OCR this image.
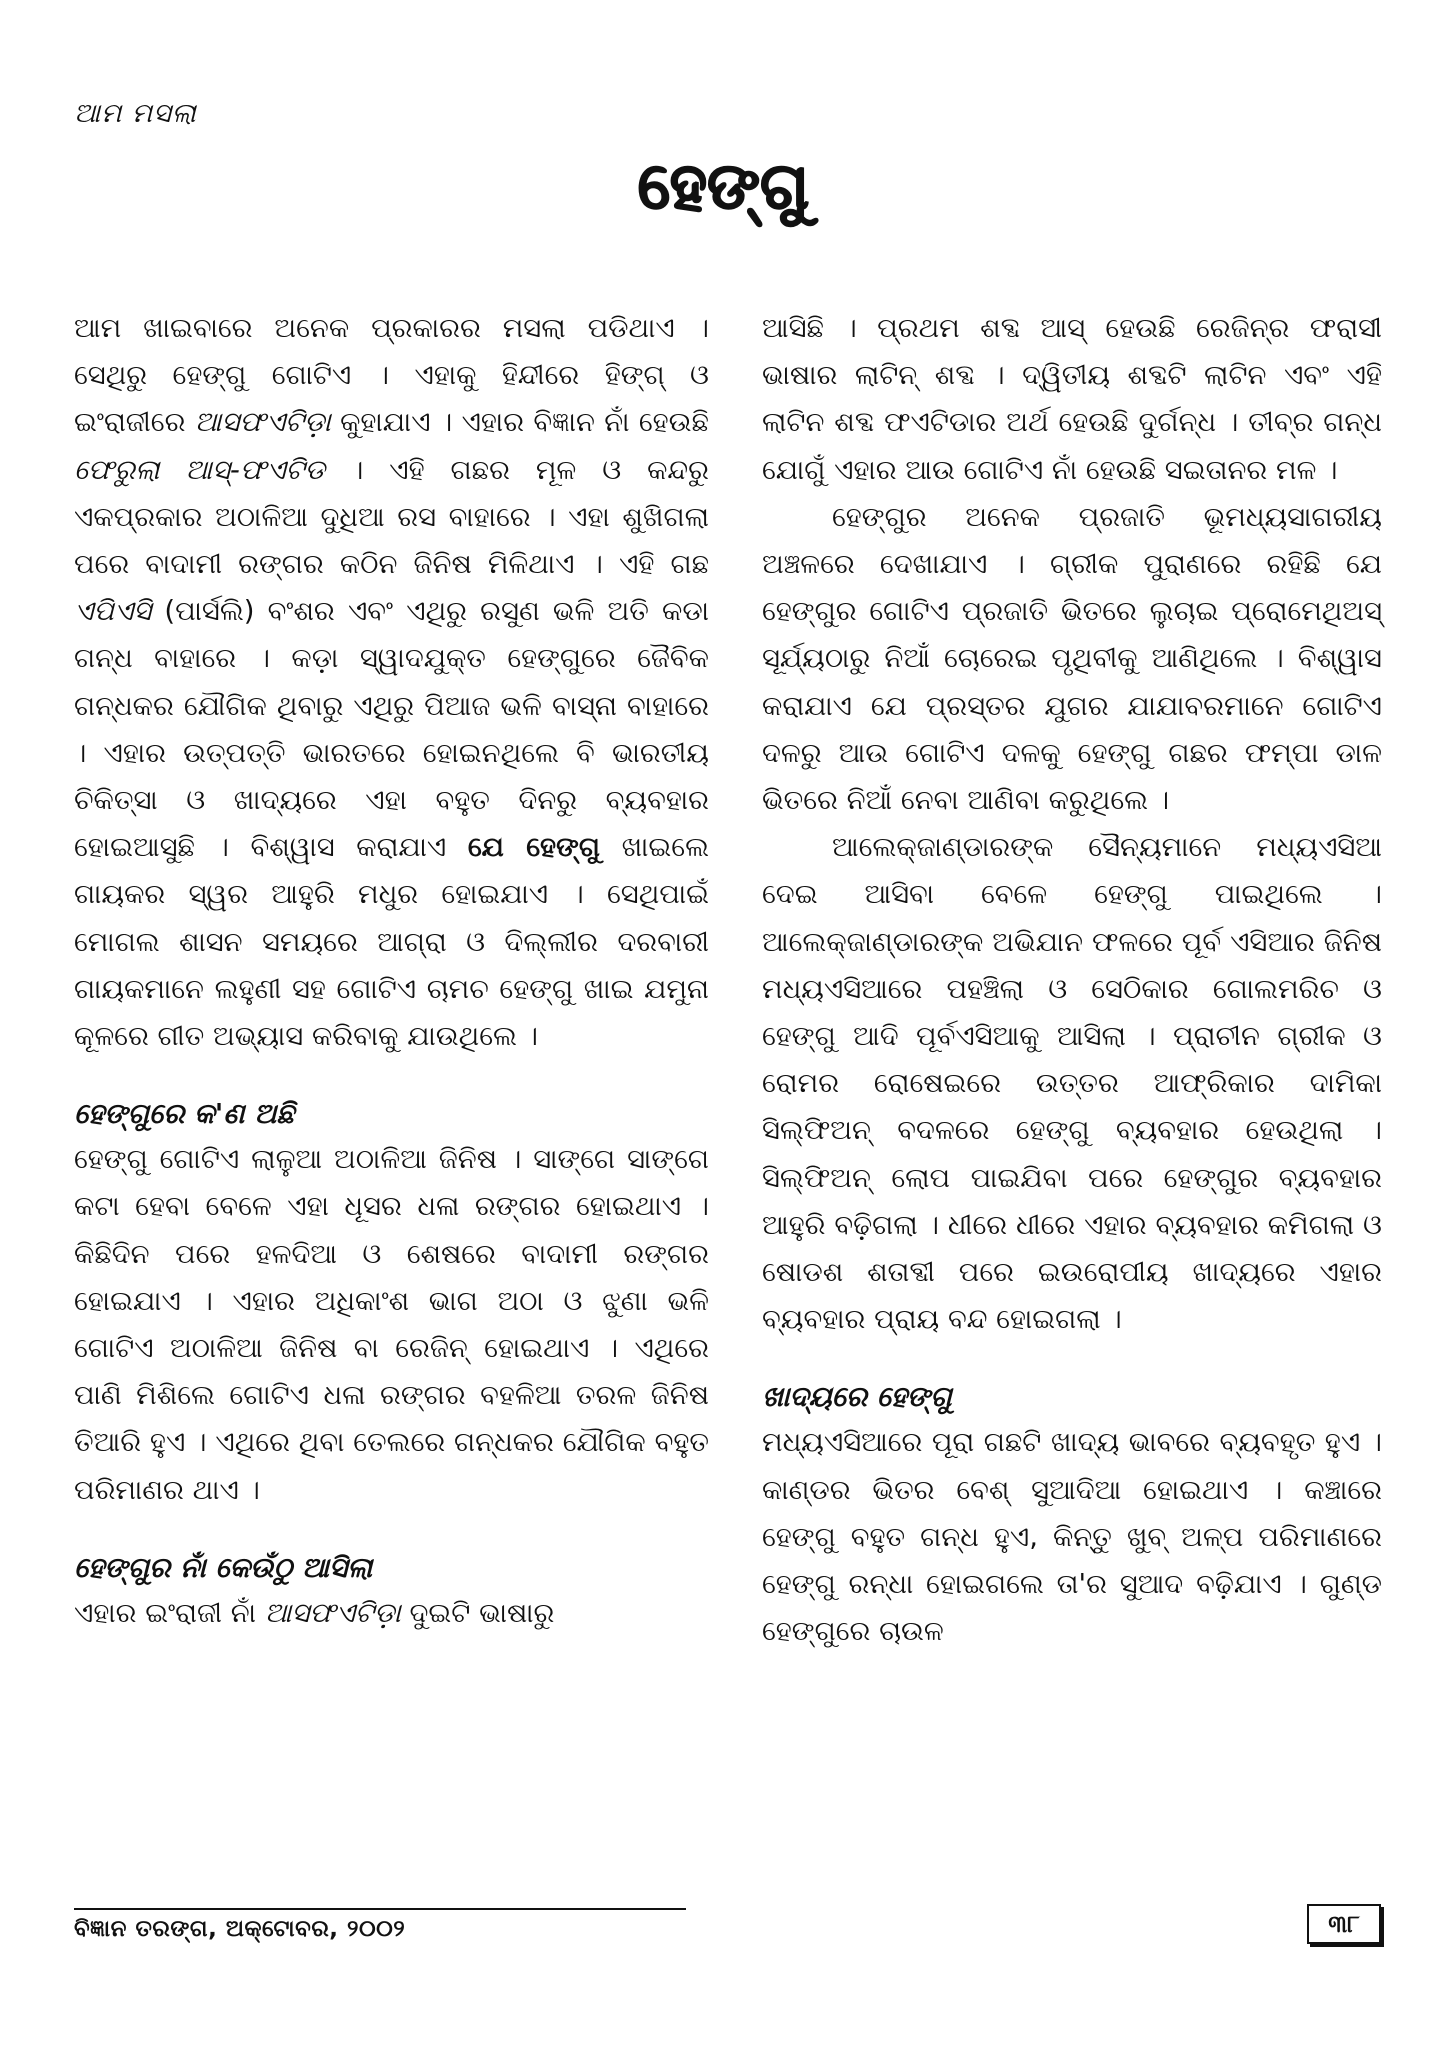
ଆମ ମସଲା
ହେଙ୍ଗୁ

ଆମ ଖାଇବାରେ ଅନେକ ପ୍ରକାରର ମସଲା ପଡିଥାଏ । ସେଥିରୁ ହେଙ୍ଗୁ ଗୋଟିଏ । ଏହାକୁ ହିନ୍ଦୀରେ ହିଙ୍ଗ୍ ଓ ଇଂରାଜୀରେ ଆସଫଏଟିଡ଼ା କୁହାଯାଏ । ଏହାର ବିଜ୍ଞାନ ନାଁ ହେଉଛି ଫେରୁଲା ଆସ୍-ଫଏଟିଡ । ଏହି ଗଛର ମୂଳ ଓ କନ୍ଦରୁ ଏକପ୍ରକାର ଅଠାଳିଆ ଦୁଧିଆ ରସ ବାହାରେ । ଏହା ଶୁଖିଗଲା ପରେ ବାଦାମୀ ରଙ୍ଗର କଠିନ ଜିନିଷ ମିଳିଥାଏ । ଏହି ଗଛ ଏପିଏସି (ପାର୍ସଲି) ବଂଶର ଏବଂ ଏଥିରୁ ରସୁଣ ଭଳି ଅତି କଡା ଗନ୍ଧ ବାହାରେ । କଡ଼ା ସ୍ୱାଦଯୁକ୍ତ ହେଙ୍ଗୁରେ ଜୈବିକ ଗନ୍ଧକର ଯୌଗିକ ଥିବାରୁ ଏଥିରୁ ପିଆଜ ଭଳି ବାସ୍ନା ବାହାରେ । ଏହାର ଉତ୍ପତ୍ତି ଭାରତରେ ହୋଇନଥିଲେ ବି ଭାରତୀୟ ଚିକିତ୍ସା ଓ ଖାଦ୍ୟରେ ଏହା ବହୁତ ଦିନରୁ ବ୍ୟବହାର ହୋଇଆସୁଛି । ବିଶ୍ୱାସ କରାଯାଏ ଯେ ହେଙ୍ଗୁ ଖାଇଲେ ଗାୟକର ସ୍ୱର ଆହୁରି ମଧୁର ହୋଇଯାଏ । ସେଥିପାଇଁ ମୋଗଲ ଶାସନ ସମୟରେ ଆଗ୍ରା ଓ ଦିଲ୍ଲୀର ଦରବାରୀ ଗାୟକମାନେ ଲହୁଣୀ ସହ ଗୋଟିଏ ଚାମଚ ହେଙ୍ଗୁ ଖାଇ ଯମୁନା କୂଳରେ ଗୀତ ଅଭ୍ୟାସ କରିବାକୁ ଯାଉଥିଲେ ।

ହେଙ୍ଗୁରେ କ'ଣ ଅଛି

ହେଙ୍ଗୁ ଗୋଟିଏ ଲାଳୁଆ ଅଠାଳିଆ ଜିନିଷ । ସାଙ୍ଗେ ସାଙ୍ଗେ କଟା ହେବା ବେଳେ ଏହା ଧୂସର ଧଳା ରଙ୍ଗର ହୋଇଥାଏ । କିଛିଦିନ ପରେ ହଳଦିଆ ଓ ଶେଷରେ ବାଦାମୀ ରଙ୍ଗର ହୋଇଯାଏ । ଏହାର ଅଧିକାଂଶ ଭାଗ ଅଠା ଓ ଝୁଣା ଭଳି ଗୋଟିଏ ଅଠାଳିଆ ଜିନିଷ ବା ରେଜିନ୍ ହୋଇଥାଏ । ଏଥିରେ ପାଣି ମିଶିଲେ ଗୋଟିଏ ଧଳା ରଙ୍ଗର ବହଳିଆ ତରଳ ଜିନିଷ ତିଆରି ହୁଏ । ଏଥିରେ ଥିବା ତେଲରେ ଗନ୍ଧକର ଯୌଗିକ ବହୁତ ପରିମାଣର ଥାଏ ।

ହେଙ୍ଗୁର ନାଁ କେଉଁଠୁ ଆସିଲା

ଏହାର ଇଂରାଜୀ ନାଁ ଆସଫଏଟିଡ଼ା ଦୁଇଟି ଭାଷାରୁ

ଆସିଛି । ପ୍ରଥମ ଶବ୍ଦ ଆସ୍ ହେଉଛି ରେଜିନ୍‌ର ଫରାସୀ ଭାଷାର ଲାଟିନ୍ ଶବ୍ଦ । ଦ୍ୱିତୀୟ ଶବ୍ଦଟି ଲାଟିନ ଏବଂ ଏହି ଲାଟିନ ଶବ୍ଦ ଫଏଟିଡାର ଅର୍ଥ ହେଉଛି ଦୁର୍ଗନ୍ଧ । ତୀବ୍ର ଗନ୍ଧ ଯୋଗୁଁ ଏହାର ଆଉ ଗୋଟିଏ ନାଁ ହେଉଛି ସଇତାନର ମଳ ।

ହେଙ୍ଗୁର ଅନେକ ପ୍ରଜାତି ଭୂମଧ୍ୟସାଗରୀୟ ଅଞ୍ଚଳରେ ଦେଖାଯାଏ । ଗ୍ରୀକ ପୁରାଣରେ ରହିଛି ଯେ ହେଙ୍ଗୁର ଗୋଟିଏ ପ୍ରଜାତି ଭିତରେ ଲୁଚାଇ ପ୍ରୋମେଥିଅସ୍ ସୂର୍ଯ୍ୟଠାରୁ ନିଆଁ ଚୋରେଇ ପୃଥିବୀକୁ ଆଣିଥିଲେ । ବିଶ୍ୱାସ କରାଯାଏ ଯେ ପ୍ରସ୍ତର ଯୁଗର ଯାଯାବରମାନେ ଗୋଟିଏ ଦଳରୁ ଆଉ ଗୋଟିଏ ଦଳକୁ ହେଙ୍ଗୁ ଗଛର ଫମ୍ପା ଡାଳ ଭିତରେ ନିଆଁ ନେବା ଆଣିବା କରୁଥିଲେ ।

ଆଲେକ୍‌ଜାଣ୍ଡାରଙ୍କ ସୈନ୍ୟମାନେ ମଧ୍ୟଏସିଆ ଦେଇ ଆସିବା ବେଳେ ହେଙ୍ଗୁ ପାଇଥିଲେ । ଆଲେକ୍‌ଜାଣ୍ଡାରଙ୍କ ଅଭିଯାନ ଫଳରେ ପୂର୍ବ ଏସିଆର ଜିନିଷ ମଧ୍ୟଏସିଆରେ ପହଞ୍ଚିଲା ଓ ସେଠିକାର ଗୋଲମରିଚ ଓ ହେଙ୍ଗୁ ଆଦି ପୂର୍ବଏସିଆକୁ ଆସିଲା । ପ୍ରାଚୀନ ଗ୍ରୀକ ଓ ରୋମର ରୋଷେଇରେ ଉତ୍ତର ଆଫ୍ରିକାର ଦାମିକା ସିଲ୍‌ଫିଅନ୍ ବଦଳରେ ହେଙ୍ଗୁ ବ୍ୟବହାର ହେଉଥିଲା । ସିଲ୍‌ଫିଅନ୍ ଲୋପ ପାଇଯିବା ପରେ ହେଙ୍ଗୁର ବ୍ୟବହାର ଆହୁରି ବଢ଼ିଗଲା । ଧୀରେ ଧୀରେ ଏହାର ବ୍ୟବହାର କମିଗଲା ଓ ଷୋଡଶ ଶତାବ୍ଦୀ ପରେ ଇଉରୋପୀୟ ଖାଦ୍ୟରେ ଏହାର ବ୍ୟବହାର ପ୍ରାୟ ବନ୍ଦ ହୋଇଗଲା ।

ଖାଦ୍ୟରେ ହେଙ୍ଗୁ

ମଧ୍ୟଏସିଆରେ ପୂରା ଗଛଟି ଖାଦ୍ୟ ଭାବରେ ବ୍ୟବହୃତ ହୁଏ । କାଣ୍ଡର ଭିତର ବେଶ୍ ସୁଆଦିଆ ହୋଇଥାଏ । କଞ୍ଚାରେ ହେଙ୍ଗୁ ବହୁତ ଗନ୍ଧ ହୁଏ, କିନ୍ତୁ ଖୁବ୍ ଅଳ୍ପ ପରିମାଣରେ ହେଙ୍ଗୁ ରନ୍ଧା ହୋଇଗଲେ ତା'ର ସୁଆଦ ବଢ଼ିଯାଏ । ଗୁଣ୍ଡ ହେଙ୍ଗୁରେ ଚାଉଳ

ବିଜ୍ଞାନ ତରଙ୍ଗ, ଅକ୍ଟୋବର, ୨୦୦୨	୩୮
